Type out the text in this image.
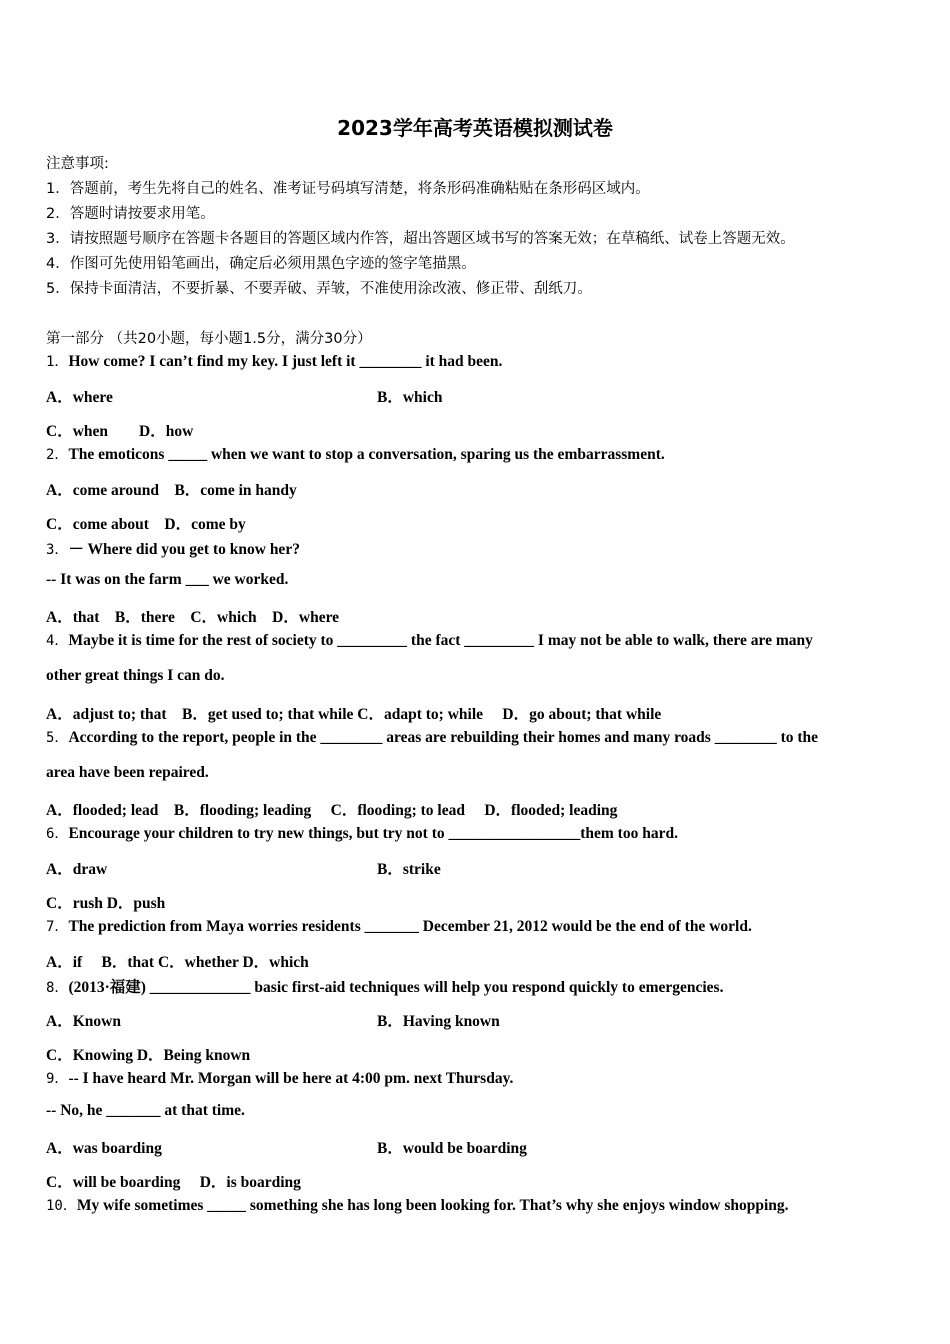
2023学年高考英语模拟测试卷
注意事项:
1．答题前，考生先将自己的姓名、准考证号码填写清楚，将条形码准确粘贴在条形码区域内。
2．答题时请按要求用笔。
3．请按照题号顺序在答题卡各题目的答题区域内作答，超出答题区域书写的答案无效；在草稿纸、试卷上答题无效。
4．作图可先使用铅笔画出，确定后必须用黑色字迹的签字笔描黑。
5．保持卡面清洁，不要折暴、不要弄破、弄皱，不准使用涂改液、修正带、刮纸刀。
第一部分 （共20小题，每小题1.5分，满分30分）
1．How come? I can’t find my key. I just left it ________ it had been.
A．where	B．which
C．when　　D．how
2．The emoticons _____ when we want to stop a conversation, sparing us the embarrassment.
A．come around　B．come in handy
C．come about　D．come by
3．－ Where did you get to know her?
-- It was on the farm ___ we worked.
A．that　B．there　C．which　D．where
4．Maybe it is time for the rest of society to _________ the fact _________ I may not be able to walk, there are many
other great things I can do.
A．adjust to; that　B．get used to; that while C．adapt to; while　 D．go about; that while
5．According to the report, people in the ________ areas are rebuilding their homes and many roads ________ to the
area have been repaired.
A．flooded; lead　B．flooding; leading　 C．flooding; to lead　 D．flooded; leading
6．Encourage your children to try new things, but try not to _________________them too hard.
A．draw	B．strike
C．rush D．push
7．The prediction from Maya worries residents _______ December 21, 2012 would be the end of the world.
A．if　 B．that C．whether D．which
8．(2013·福建) _____________ basic first-aid techniques will help you respond quickly to emergencies.
A．Known	B．Having known
C．Knowing D．Being known
9．-- I have heard Mr. Morgan will be here at 4:00 pm. next Thursday.
-- No, he _______ at that time.
A．was boarding	B．would be boarding
C．will be boarding　 D．is boarding
10．My wife sometimes _____ something she has long been looking for. That’s why she enjoys window shopping.
